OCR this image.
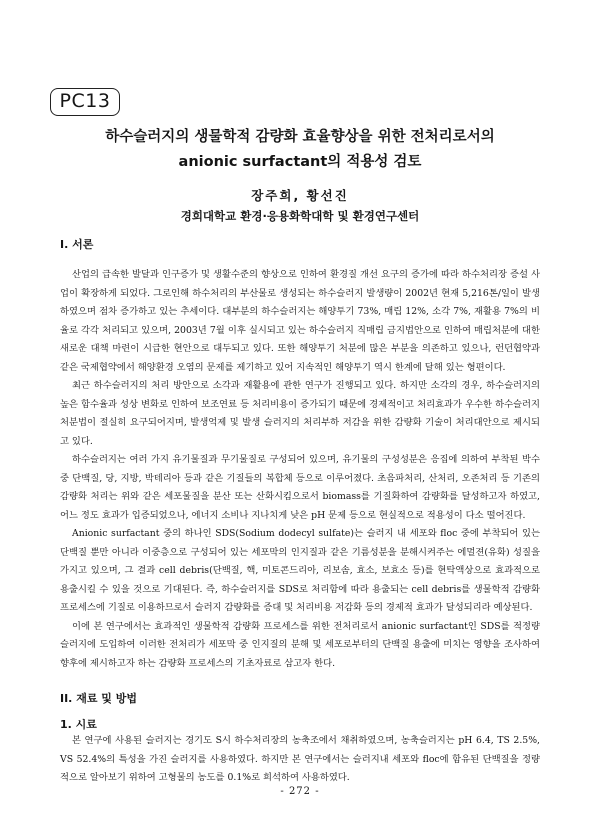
PC13
하수슬러지의 생물학적 감량화 효율향상을 위한 전처리로서의
anionic surfactant의 적용성 검토
장주희, 황선진
경희대학교 환경·응용화학대학 및 환경연구센터
I. 서론

산업의 급속한 발달과 인구증가 및 생활수준의 향상으로 인하여 환경질 개선 요구의 증가에 따라 하수처리장 증설 사업이 확장하게 되었다. 그로인해 하수처리의 부산물로 생성되는 하수슬러지 발생량이 2002년 현재 5,216톤/일이 발생하였으며 점차 증가하고 있는 추세이다. 대부분의 하수슬러지는 해양투기 73%, 매립 12%, 소각 7%, 재활용 7%의 비율로 각각 처리되고 있으며, 2003년 7월 이후 실시되고 있는 하수슬러지 직매립 금지법안으로 인하여 매립처분에 대한 새로운 대책 마련이 시급한 현안으로 대두되고 있다. 또한 해양투기 처분에 많은 부분을 의존하고 있으나, 런던협약과 같은 국제협약에서 해양환경 오염의 문제를 제기하고 있어 지속적인 해양투기 역시 한계에 달해 있는 형편이다.

최근 하수슬러지의 처리 방안으로 소각과 재활용에 관한 연구가 진행되고 있다. 하지만 소각의 경우, 하수슬러지의 높은 함수율과 성상 변화로 인하여 보조연료 등 처리비용이 증가되기 때문에 경제적이고 처리효과가 우수한 하수슬러지 처분법이 절실히 요구되어지며, 발생억제 및 발생 슬러지의 처리부하 저감을 위한 감량화 기술이 처리대안으로 제시되고 있다.

하수슬러지는 여러 가지 유기물질과 무기물질로 구성되어 있으며, 유기물의 구성성분은 응집에 의하여 부착된 박수 중 단백질, 당, 지방, 박테리아 등과 같은 기질들의 복합체 등으로 이루어졌다. 초음파처리, 산처리, 오존처리 등 기존의 감량화 처리는 위와 같은 세포물질을 분산 또는 산화시킴으로서 biomass를 기질화하여 감량화를 달성하고자 하였고, 어느 정도 효과가 입증되었으나, 에너지 소비나 지나치게 낮은 pH 문제 등으로 현실적으로 적용성이 다소 떨어진다.

Anionic surfactant 중의 하나인 SDS(Sodium dodecyl sulfate)는 슬러지 내 세포와 floc 중에 부착되어 있는 단백질 뿐만 아니라 이중층으로 구성되어 있는 세포막의 인지질과 같은 기름성분을 분해시켜주는 에멀젼(유화) 성질을 가지고 있으며, 그 결과 cell debris(단백질, 핵, 미토콘드리아, 리보솜, 효소, 보효소 등)를 현탁액상으로 효과적으로 용출시킬 수 있을 것으로 기대된다. 즉, 하수슬러지를 SDS로 처리함에 따라 용출되는 cell debris를 생물학적 감량화 프로세스에 기질로 이용하므로서 슬러지 감량화를 증대 및 처리비용 저감화 등의 경제적 효과가 달성되리라 예상된다.

이에 본 연구에서는 효과적인 생물학적 감량화 프로세스를 위한 전처리로서 anionic surfactant인 SDS를 적정량 슬러지에 도입하여 이러한 전처리가 세포막 중 인지질의 분해 및 세포로부터의 단백질 용출에 미치는 영향을 조사하여 향후에 제시하고자 하는 감량화 프로세스의 기초자료로 삼고자 한다.

II. 재료 및 방법
1. 시료

본 연구에 사용된 슬러지는 경기도 S시 하수처리장의 농축조에서 채취하였으며, 농축슬러지는 pH 6.4, TS 2.5%, VS 52.4%의 특성을 가진 슬러지를 사용하였다. 하지만 본 연구에서는 슬러지내 세포와 floc에 함유된 단백질을 정량적으로 알아보기 위하여 고형물의 농도를 0.1%로 희석하여 사용하였다.

- 272 -
